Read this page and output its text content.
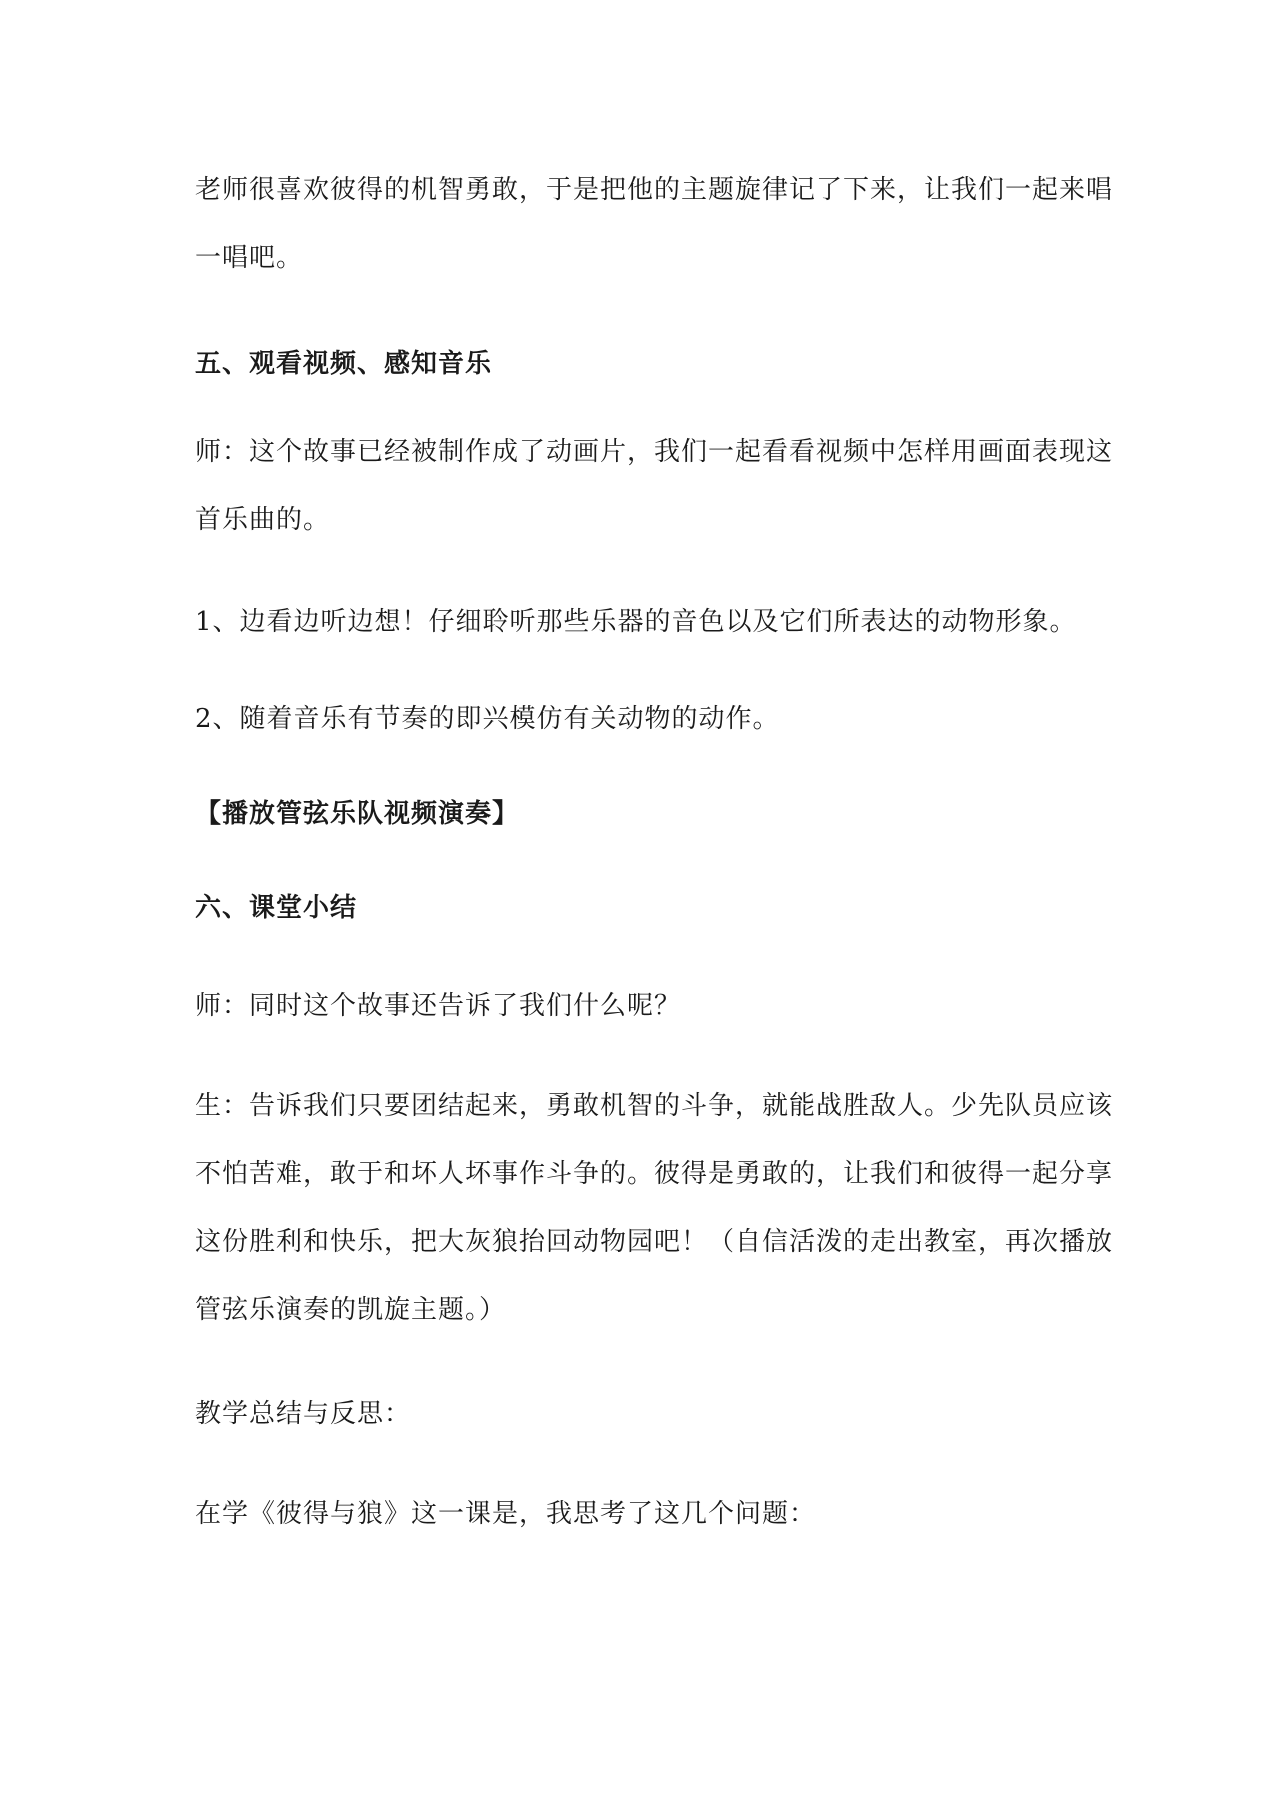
老师很喜欢彼得的机智勇敢，于是把他的主题旋律记了下来，让我们一起来唱
一唱吧。
五、观看视频、感知音乐
师：这个故事已经被制作成了动画片，我们一起看看视频中怎样用画面表现这
首乐曲的。
1、边看边听边想！仔细聆听那些乐器的音色以及它们所表达的动物形象。
2、随着音乐有节奏的即兴模仿有关动物的动作。
【播放管弦乐队视频演奏】
六、课堂小结
师：同时这个故事还告诉了我们什么呢？
生：告诉我们只要团结起来，勇敢机智的斗争，就能战胜敌人。少先队员应该
不怕苦难，敢于和坏人坏事作斗争的。彼得是勇敢的，让我们和彼得一起分享
这份胜利和快乐，把大灰狼抬回动物园吧！（自信活泼的走出教室，再次播放
管弦乐演奏的凯旋主题。）
教学总结与反思：
在学《彼得与狼》这一课是，我思考了这几个问题：
